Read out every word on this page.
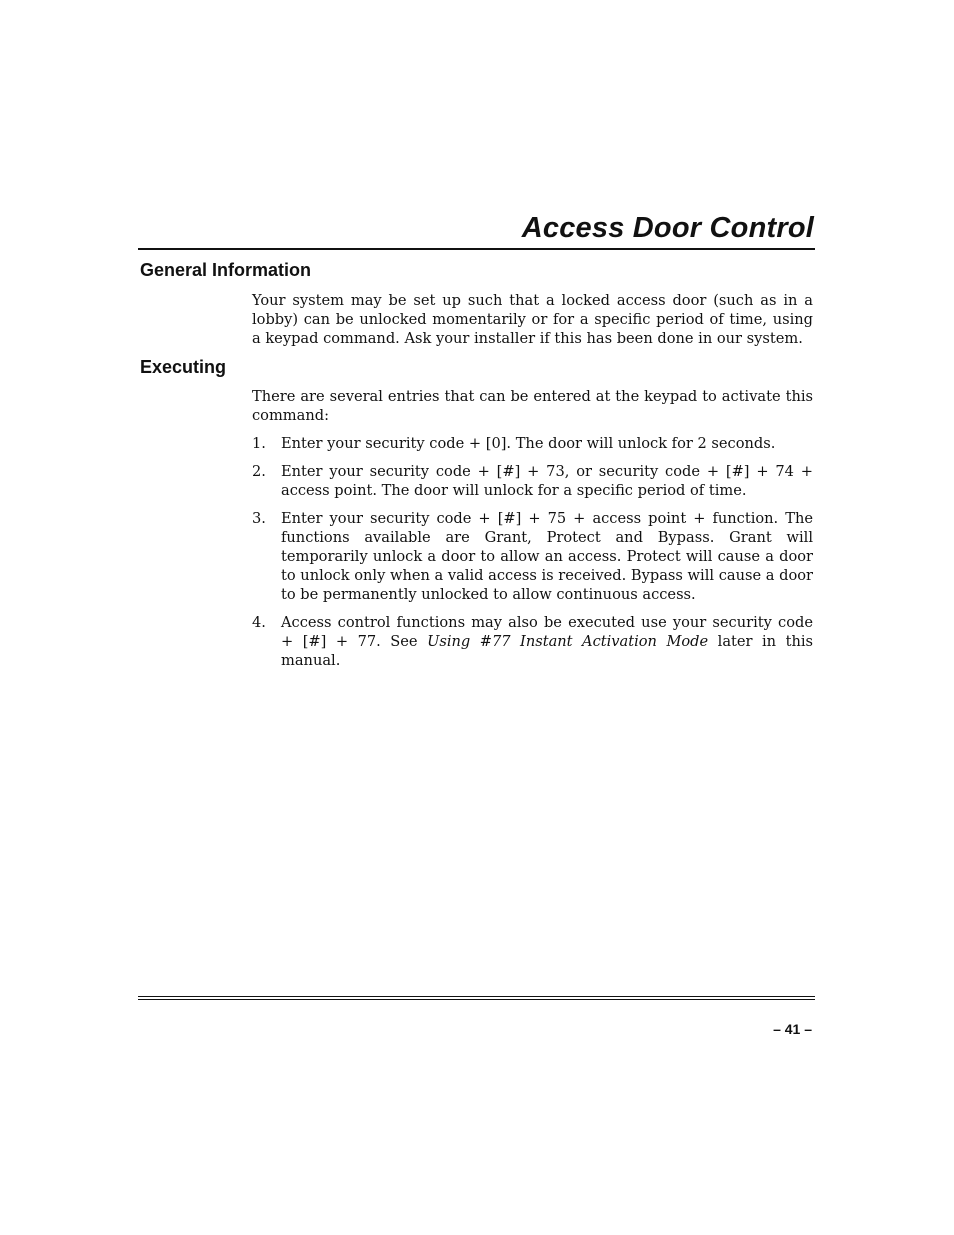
Access Door Control
General Information

Your system may be set up such that a locked access door (such as in a lobby) can be unlocked momentarily or for a specific period of time, using a keypad command. Ask your installer if this has been done in our system.

Executing

There are several entries that can be entered at the keypad to activate this command:

1. Enter your security code + [0]. The door will unlock for 2 seconds.
2. Enter your security code + [#] + 73, or security code + [#] + 74 + access point. The door will unlock for a specific period of time.
3. Enter your security code + [#] + 75 + access point + function. The functions available are Grant, Protect and Bypass. Grant will temporarily unlock a door to allow an access. Protect will cause a door to unlock only when a valid access is received. Bypass will cause a door to be permanently unlocked to allow continuous access.
4. Access control functions may also be executed use your security code + [#] + 77. See Using #77 Instant Activation Mode later in this manual.
– 41 –
